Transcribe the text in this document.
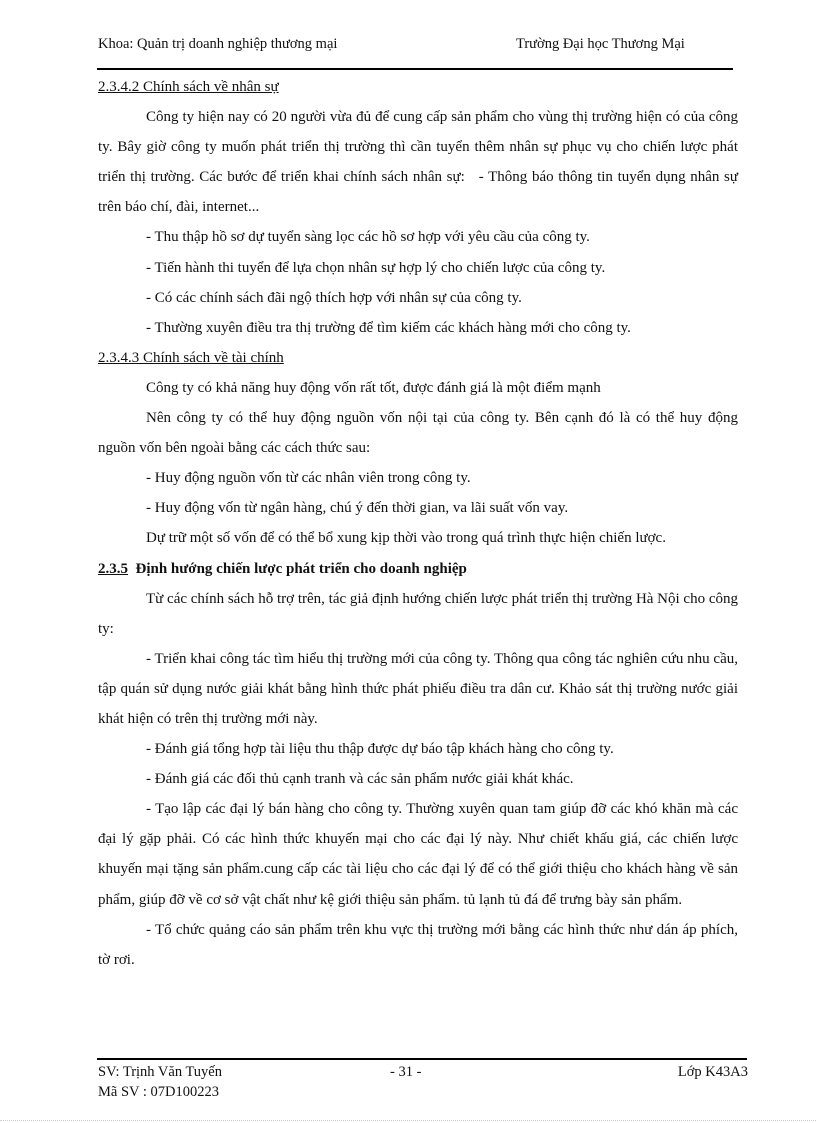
Khoa: Quản trị doanh nghiệp thương mại	Trường Đại học Thương Mại

2.3.4.2 Chính sách về nhân sự

Công ty hiện nay có 20 người vừa đủ để cung cấp sản phẩm cho vùng thị trường hiện có của công ty. Bây giờ công ty muốn phát triển thị trường thì cần tuyển thêm nhân sự phục vụ cho chiến lược phát triển thị trường. Các bước để triển khai chính sách nhân sự: - Thông báo thông tin tuyển dụng nhân sự trên báo chí, đài, internet...

- Thu thập hồ sơ dự tuyển sàng lọc các hồ sơ hợp với yêu cầu của công ty.

- Tiến hành thi tuyển để lựa chọn nhân sự hợp lý cho chiến lược của công ty.

- Có các chính sách đãi ngộ thích hợp với nhân sự của công ty.

- Thường xuyên điều tra thị trường để tìm kiếm các khách hàng mới cho công ty.

2.3.4.3 Chính sách về tài chính

Công ty có khả năng huy động vốn rất tốt, được đánh giá là một điểm mạnh

Nên công ty có thể huy động nguồn vốn nội tại của công ty. Bên cạnh đó là có thể huy động nguồn vốn bên ngoài bằng các cách thức sau:

- Huy động nguồn vốn từ các nhân viên trong công ty.

- Huy động vốn từ ngân hàng, chú ý đến thời gian, va lãi suất vốn vay.

Dự trữ một số vốn để có thể bổ xung kịp thời vào trong quá trình thực hiện chiến lược.

2.3.5 Định hướng chiến lược phát triển cho doanh nghiệp

Từ các chính sách hỗ trợ trên, tác giả định hướng chiến lược phát triển thị trường Hà Nội cho công ty:

- Triển khai công tác tìm hiểu thị trường mới của công ty. Thông qua công tác nghiên cứu nhu cầu, tập quán sử dụng nước giải khát bằng hình thức phát phiếu điều tra dân cư. Khảo sát thị trường nước giải khát hiện có trên thị trường mới này.

- Đánh giá tổng hợp tài liệu thu thập được dự báo tập khách hàng cho công ty.

- Đánh giá các đối thủ cạnh tranh và các sản phẩm nước giải khát khác.

- Tạo lập các đại lý bán hàng cho công ty. Thường xuyên quan tam giúp đỡ các khó khăn mà các đại lý gặp phải. Có các hình thức khuyến mại cho các đại lý này. Như chiết khấu giá, các chiến lược khuyến mại tặng sản phẩm.cung cấp các tài liệu cho các đại lý để có thể giới thiệu cho khách hàng về sản phẩm, giúp đỡ về cơ sở vật chất như kệ giới thiệu sản phẩm. tủ lạnh tủ đá để trưng bày sản phẩm.

- Tổ chức quảng cáo sản phẩm trên khu vực thị trường mới bằng các hình thức như dán áp phích, tờ rơi.

SV: Trịnh Văn Tuyến	- 31 -	Lớp K43A3
Mã SV : 07D100223
